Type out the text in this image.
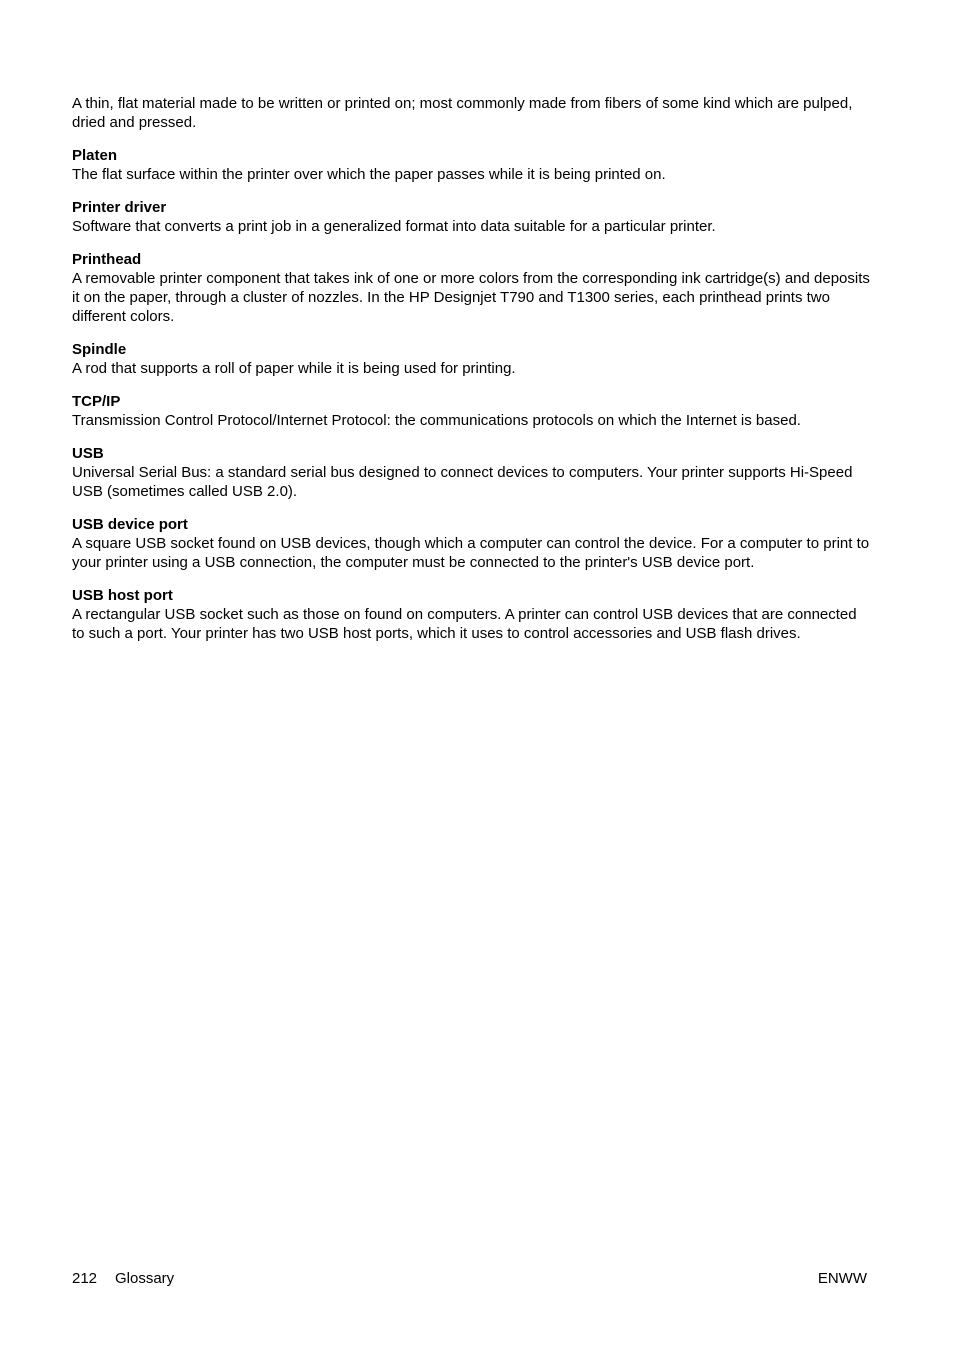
A thin, flat material made to be written or printed on; most commonly made from fibers of some kind which are pulped, dried and pressed.

Platen

The flat surface within the printer over which the paper passes while it is being printed on.

Printer driver

Software that converts a print job in a generalized format into data suitable for a particular printer.

Printhead

A removable printer component that takes ink of one or more colors from the corresponding ink cartridge(s) and deposits it on the paper, through a cluster of nozzles. In the HP Designjet T790 and T1300 series, each printhead prints two different colors.

Spindle

A rod that supports a roll of paper while it is being used for printing.

TCP/IP

Transmission Control Protocol/Internet Protocol: the communications protocols on which the Internet is based.

USB

Universal Serial Bus: a standard serial bus designed to connect devices to computers. Your printer supports Hi-Speed USB (sometimes called USB 2.0).

USB device port

A square USB socket found on USB devices, though which a computer can control the device. For a computer to print to your printer using a USB connection, the computer must be connected to the printer's USB device port.

USB host port

A rectangular USB socket such as those on found on computers. A printer can control USB devices that are connected to such a port. Your printer has two USB host ports, which it uses to control accessories and USB flash drives.

212 Glossary	ENWW
